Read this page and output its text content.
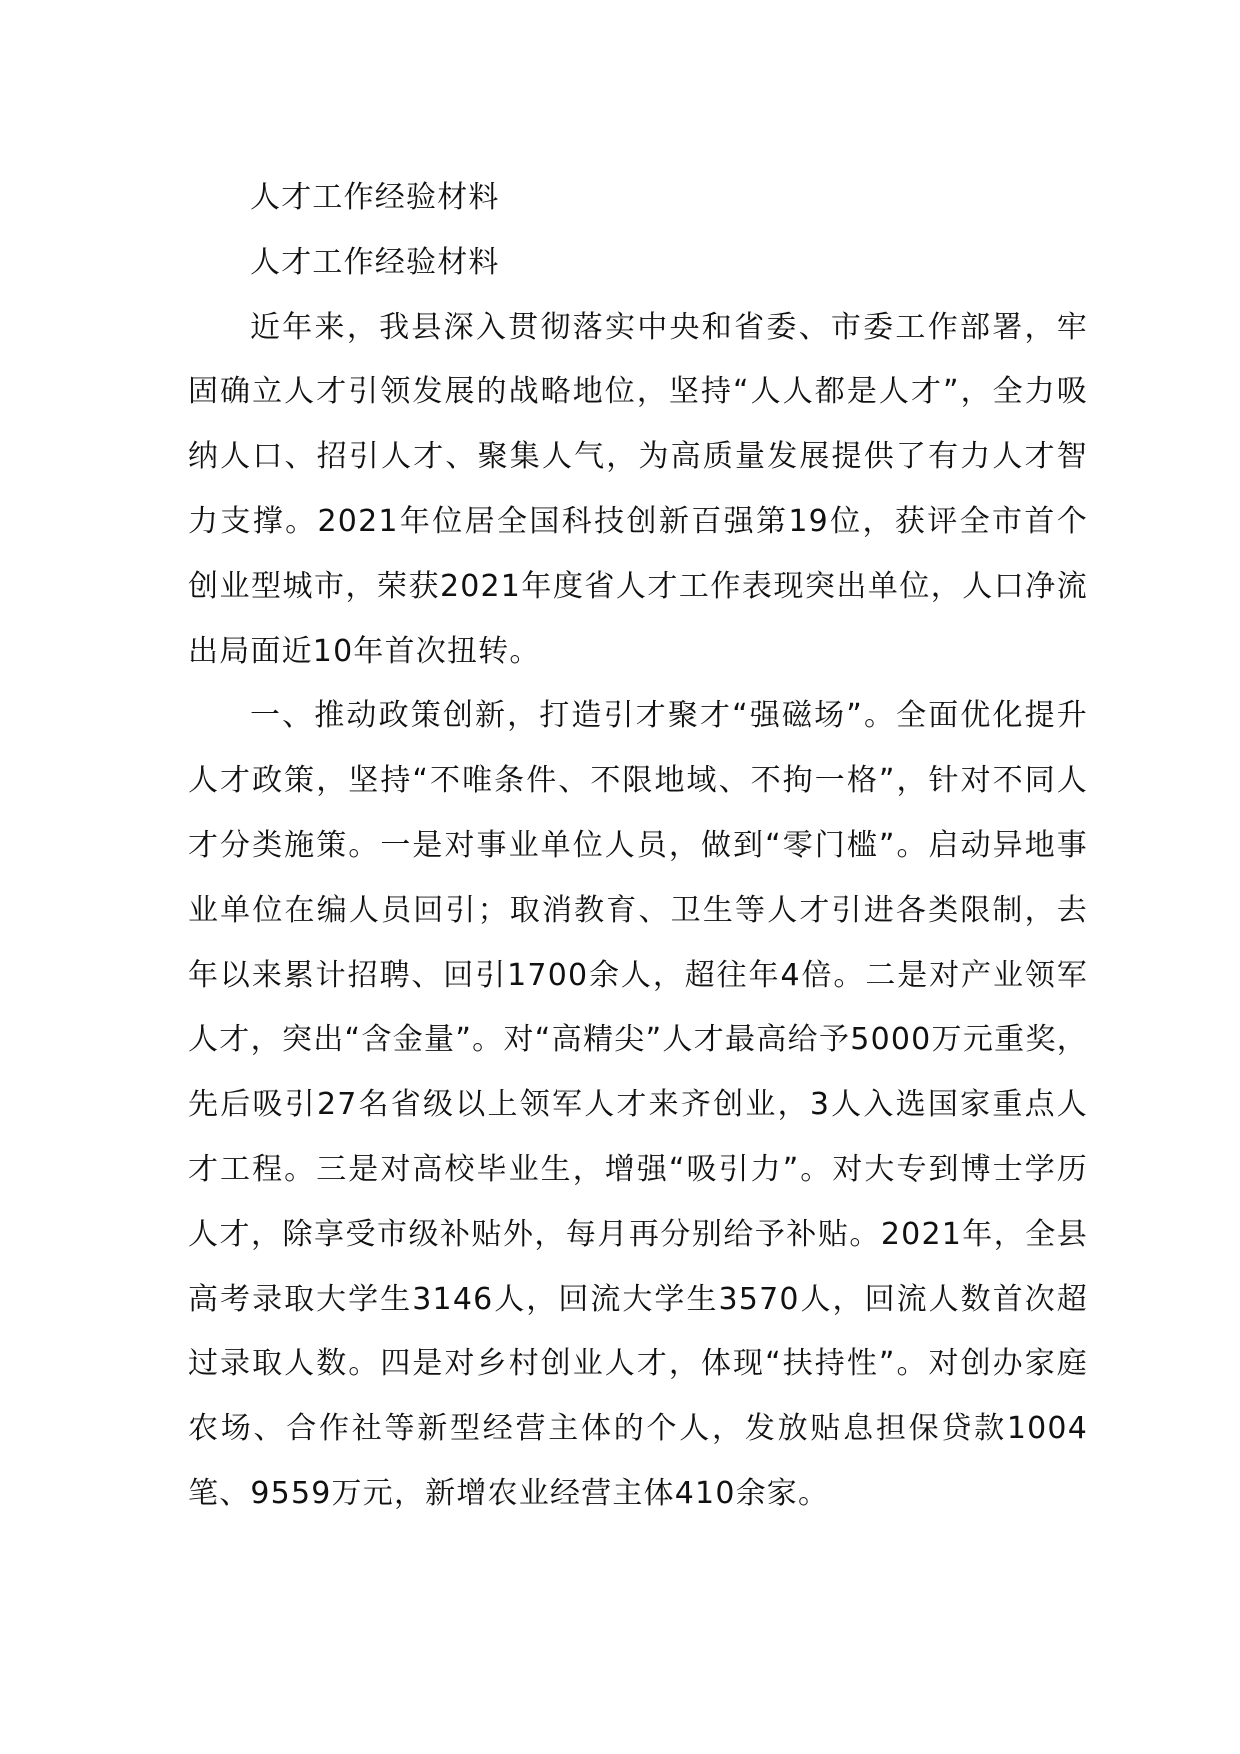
人才工作经验材料

人才工作经验材料

近年来，我县深入贯彻落实中央和省委、市委工作部署，牢固确立人才引领发展的战略地位，坚持“人人都是人才”，全力吸纳人口、招引人才、聚集人气，为高质量发展提供了有力人才智力支撑。2021年位居全国科技创新百强第19位，获评全市首个创业型城市，荣获2021年度省人才工作表现突出单位，人口净流出局面近10年首次扭转。

一、推动政策创新，打造引才聚才“强磁场”。全面优化提升人才政策，坚持“不唯条件、不限地域、不拘一格”，针对不同人才分类施策。一是对事业单位人员，做到“零门槛”。启动异地事业单位在编人员回引；取消教育、卫生等人才引进各类限制，去年以来累计招聘、回引1700余人，超往年4倍。二是对产业领军人才，突出“含金量”。对“高精尖”人才最高给予5000万元重奖，先后吸引27名省级以上领军人才来齐创业，3人入选国家重点人才工程。三是对高校毕业生，增强“吸引力”。对大专到博士学历人才，除享受市级补贴外，每月再分别给予补贴。2021年，全县高考录取大学生3146人，回流大学生3570人，回流人数首次超过录取人数。四是对乡村创业人才，体现“扶持性”。对创办家庭农场、合作社等新型经营主体的个人，发放贴息担保贷款1004笔、9559万元，新增农业经营主体410余家。
